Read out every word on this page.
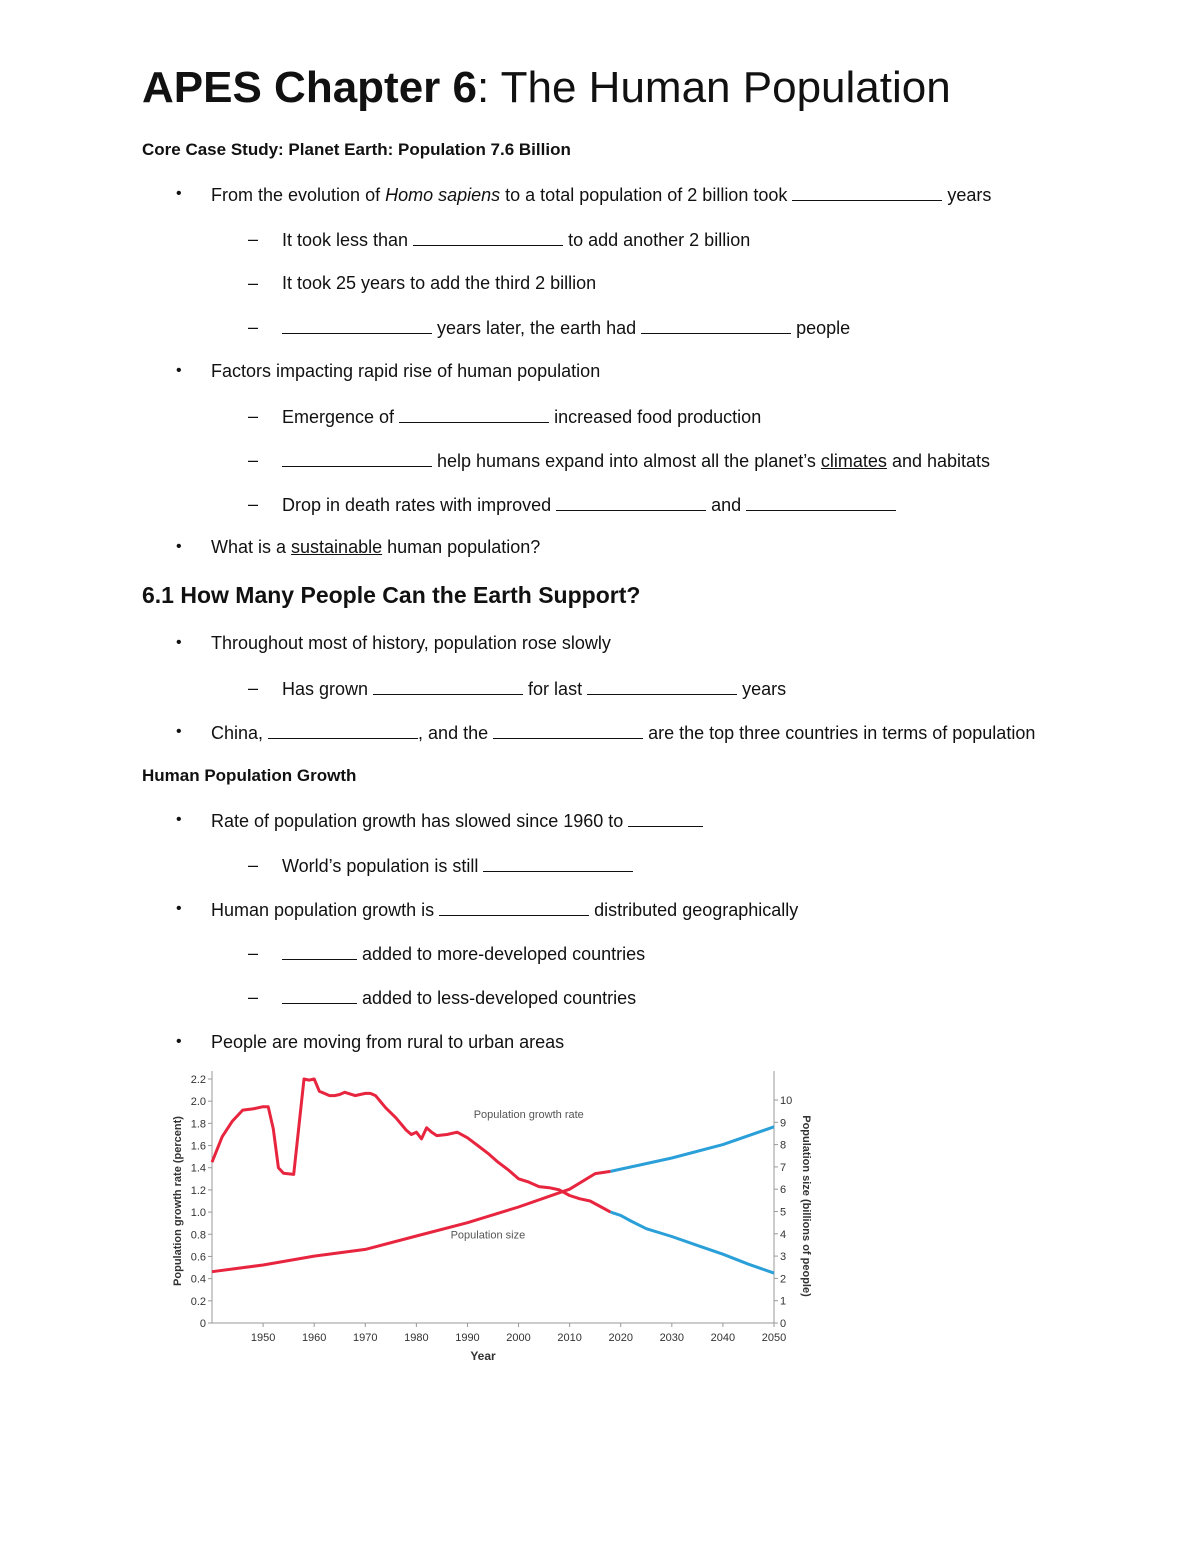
APES Chapter 6: The Human Population
Core Case Study: Planet Earth: Population 7.6 Billion
• From the evolution of Homo sapiens to a total population of 2 billion took	years
– It took less than	to add another 2 billion
– It took 25 years to add the third 2 billion
–	years later, the earth had	people
• Factors impacting rapid rise of human population
– Emergence of	increased food production
–	help humans expand into almost all the planet’s climates and habitats
– Drop in death rates with improved	and
• What is a sustainable human population?
6.1 How Many People Can the Earth Support?
• Throughout most of history, population rose slowly
– Has grown	for last	years
• China,	, and the	are the top three countries in terms of population
Human Population Growth
• Rate of population growth has slowed since 1960 to
– World’s population is still
• Human population growth is	distributed geographically
–	added to more-developed countries
–	added to less-developed countries
• People are moving from rural to urban areas
0
0.2
0.4
0.6
0.8
1.0
1.2
1.4
1.6
1.8
2.0
2.2
0
1
2
3
4
5
6
7
8
9
10
1950 1960 1970 1980 1990 2000 2010 2020 2030 2040 2050
Year
Population growth rate (percent)	Population size (billions of people)
Population growth rate
Population size
